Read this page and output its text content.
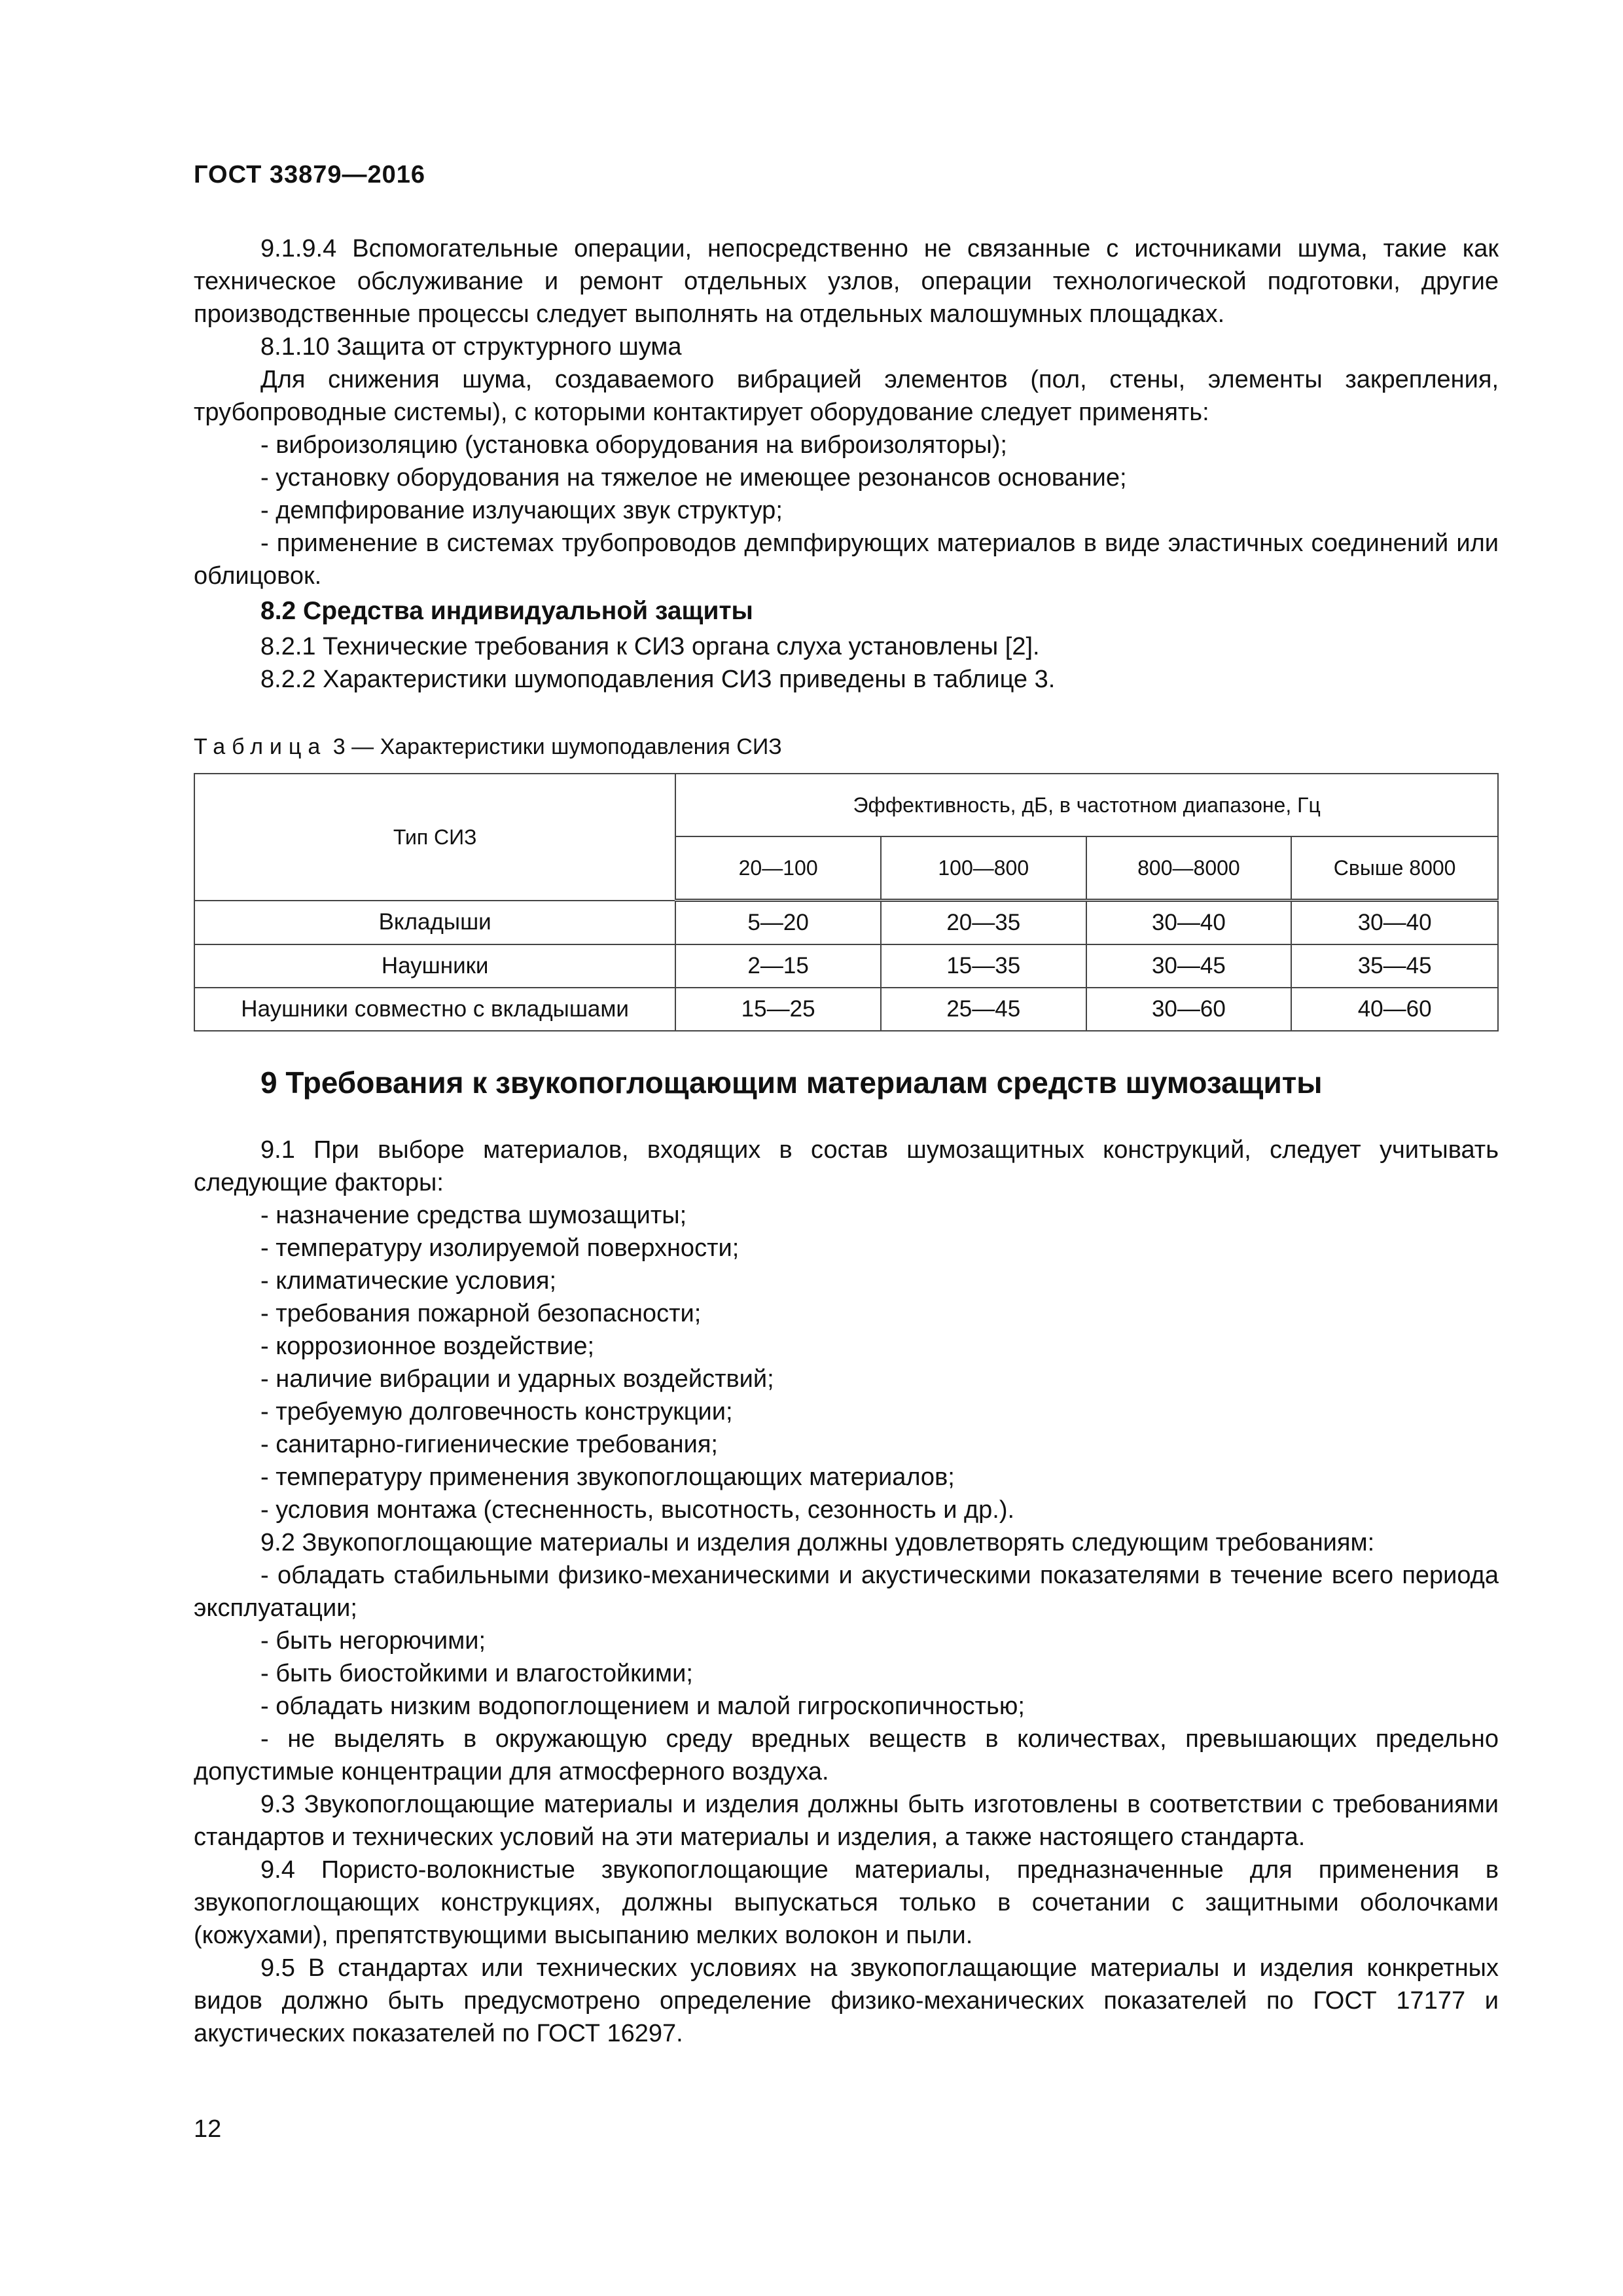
ГОСТ 33879—2016

9.1.9.4 Вспомогательные операции, непосредственно не связанные с источниками шума, такие как техническое обслуживание и ремонт отдельных узлов, операции технологической подготовки, другие производственные процессы следует выполнять на отдельных малошумных площадках.

8.1.10 Защита от структурного шума

Для снижения шума, создаваемого вибрацией элементов (пол, стены, элементы закрепления, трубопроводные системы), с которыми контактирует оборудование следует применять:

- виброизоляцию (установка оборудования на виброизоляторы);

- установку оборудования на тяжелое не имеющее резонансов основание;

- демпфирование излучающих звук структур;

- применение в системах трубопроводов демпфирующих материалов в виде эластичных соединений или облицовок.

8.2 Средства индивидуальной защиты

8.2.1 Технические требования к СИЗ органа слуха установлены [2].

8.2.2 Характеристики шумоподавления СИЗ приведены в таблице 3.

Таблица 3 — Характеристики шумоподавления СИЗ

Тип СИЗ	Эффективность, дБ, в частотном диапазоне, Гц			
	20—100	100—800	800—8000	Свыше 8000
Вкладыши	5—20	20—35	30—40	30—40
Наушники	2—15	15—35	30—45	35—45
Наушники совместно с вкладышами	15—25	25—45	30—60	40—60

9 Требования к звукопоглощающим материалам средств шумозащиты

9.1 При выборе материалов, входящих в состав шумозащитных конструкций, следует учитывать следующие факторы:

- назначение средства шумозащиты;

- температуру изолируемой поверхности;

- климатические условия;

- требования пожарной безопасности;

- коррозионное воздействие;

- наличие вибрации и ударных воздействий;

- требуемую долговечность конструкции;

- санитарно-гигиенические требования;

- температуру применения звукопоглощающих материалов;

- условия монтажа (стесненность, высотность, сезонность и др.).

9.2 Звукопоглощающие материалы и изделия должны удовлетворять следующим требованиям:

- обладать стабильными физико-механическими и акустическими показателями в течение всего периода эксплуатации;

- быть негорючими;

- быть биостойкими и влагостойкими;

- обладать низким водопоглощением и малой гигроскопичностью;

- не выделять в окружающую среду вредных веществ в количествах, превышающих предельно допустимые концентрации для атмосферного воздуха.

9.3 Звукопоглощающие материалы и изделия должны быть изготовлены в соответствии с требованиями стандартов и технических условий на эти материалы и изделия, а также настоящего стандарта.

9.4 Пористо-волокнистые звукопоглощающие материалы, предназначенные для применения в звукопоглощающих конструкциях, должны выпускаться только в сочетании с защитными оболочками (кожухами), препятствующими высыпанию мелких волокон и пыли.

9.5 В стандартах или технических условиях на звукопоглащающие материалы и изделия конкретных видов должно быть предусмотрено определение физико-механических показателей по ГОСТ 17177 и акустических показателей по ГОСТ 16297.

12
